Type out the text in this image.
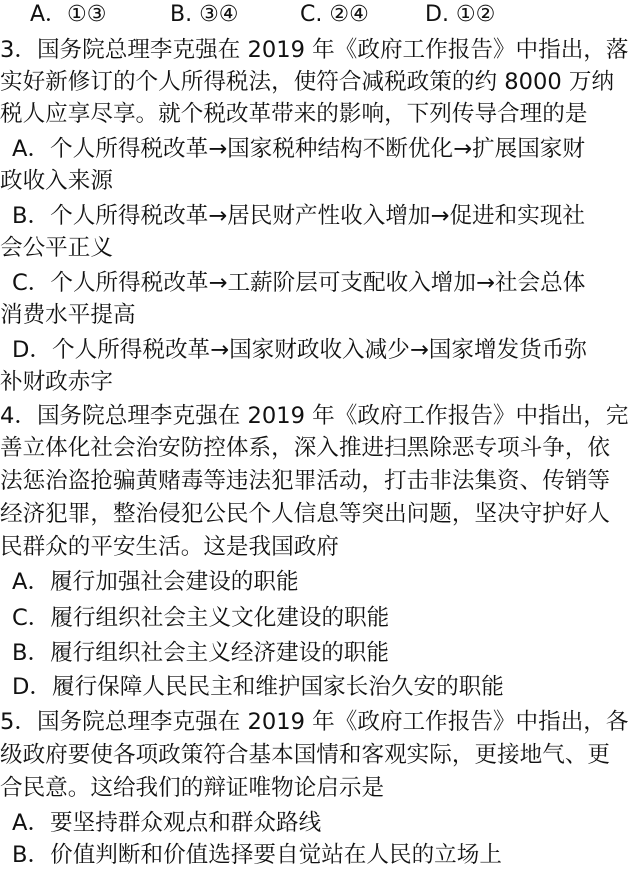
A．①③	B. ③④	C. ②④	D. ①②
3．国务院总理李克强在 2019 年《政府工作报告》中指出，落
实好新修订的个人所得税法，使符合减税政策的约 8000 万纳
税人应享尽享。就个税改革带来的影响，下列传导合理的是
A．个人所得税改革→国家税种结构不断优化→扩展国家财
政收入来源
B．个人所得税改革→居民财产性收入增加→促进和实现社
会公平正义
C．个人所得税改革→工薪阶层可支配收入增加→社会总体
消费水平提高
D．个人所得税改革→国家财政收入减少→国家增发货币弥
补财政赤字
4．国务院总理李克强在 2019 年《政府工作报告》中指出，完
善立体化社会治安防控体系，深入推进扫黑除恶专项斗争，依
法惩治盗抢骗黄赌毒等违法犯罪活动，打击非法集资、传销等
经济犯罪，整治侵犯公民个人信息等突出问题，坚决守护好人
民群众的平安生活。这是我国政府
A．履行加强社会建设的职能
C．履行组织社会主义文化建设的职能
B．履行组织社会主义经济建设的职能
D．履行保障人民民主和维护国家长治久安的职能
5．国务院总理李克强在 2019 年《政府工作报告》中指出，各
级政府要使各项政策符合基本国情和客观实际，更接地气、更
合民意。这给我们的辩证唯物论启示是
A．要坚持群众观点和群众路线
B．价值判断和价值选择要自觉站在人民的立场上
